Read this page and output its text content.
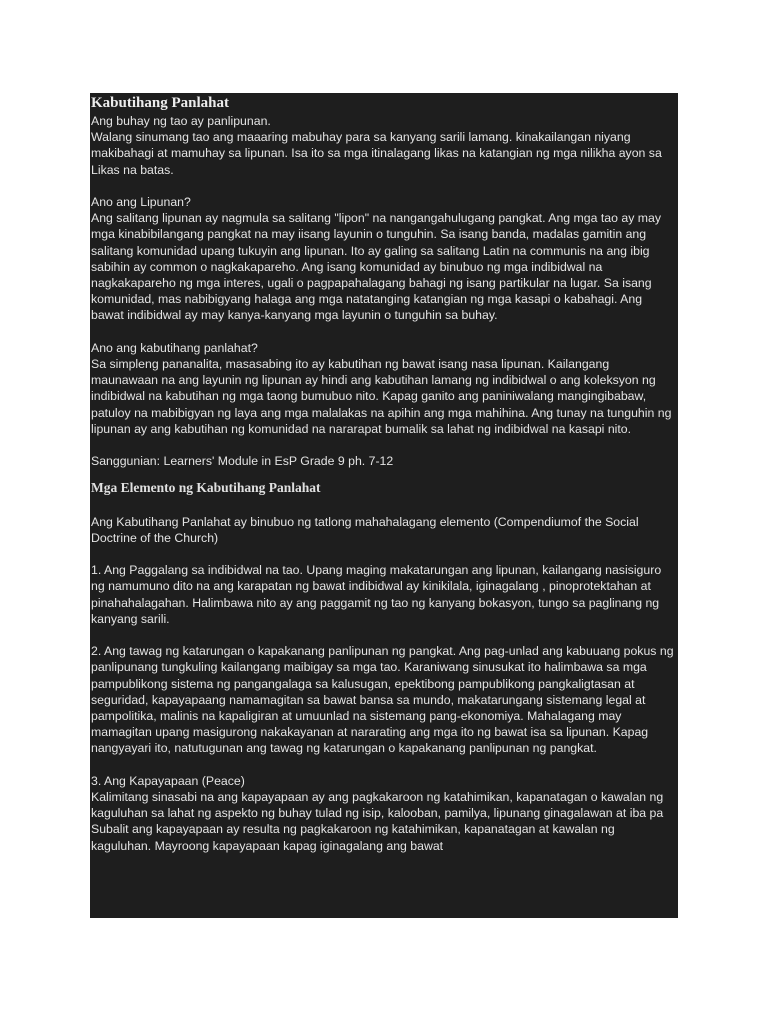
Kabutihang Panlahat

Ang buhay ng tao ay panlipunan.

Walang sinumang tao ang maaaring mabuhay para sa kanyang sarili lamang. kinakailangan niyang makibahagi at mamuhay sa lipunan. Isa ito sa mga itinalagang likas na katangian ng mga nilikha ayon sa Likas na batas.

Ano ang Lipunan?

Ang salitang lipunan ay nagmula sa salitang "lipon" na nangangahulugang pangkat. Ang mga tao ay may mga kinabibilangang pangkat na may iisang layunin o tunguhin. Sa isang banda, madalas gamitin ang salitang komunidad upang tukuyin ang lipunan. Ito ay galing sa salitang Latin na communis na ang ibig sabihin ay common o nagkakapareho. Ang isang komunidad ay binubuo ng mga indibidwal na nagkakapareho ng mga interes, ugali o pagpapahalagang bahagi ng isang partikular na lugar. Sa isang komunidad, mas nabibigyang halaga ang mga natatanging katangian ng mga kasapi o kabahagi. Ang bawat indibidwal ay may kanya-kanyang mga layunin o tunguhin sa buhay.

Ano ang kabutihang panlahat?

Sa simpleng pananalita, masasabing ito ay kabutihan ng bawat isang nasa lipunan. Kailangang maunawaan na ang layunin ng lipunan ay hindi ang kabutihan lamang ng indibidwal o ang koleksyon ng indibidwal na kabutihan ng mga taong bumubuo nito. Kapag ganito ang paniniwalang mangingibabaw, patuloy na mabibigyan ng laya ang mga malalakas na apihin ang mga mahihina. Ang tunay na tunguhin ng lipunan ay ang kabutihan ng komunidad na nararapat bumalik sa lahat ng indibidwal na kasapi nito.

Sanggunian: Learners' Module in EsP Grade 9 ph. 7-12

Mga Elemento ng Kabutihang Panlahat

Ang Kabutihang Panlahat ay binubuo ng tatlong mahahalagang elemento (Compendiumof the Social Doctrine of the Church)

1. Ang Paggalang sa indibidwal na tao. Upang maging makatarungan ang lipunan, kailangang nasisiguro ng namumuno dito na ang karapatan ng bawat indibidwal ay kinikilala, iginagalang , pinoprotektahan at pinahahalagahan. Halimbawa nito ay ang paggamit ng tao ng kanyang bokasyon, tungo sa paglinang ng kanyang sarili.

2. Ang tawag ng katarungan o kapakanang panlipunan ng pangkat. Ang pag-unlad ang kabuuang pokus ng panlipunang tungkuling kailangang maibigay sa mga tao. Karaniwang sinusukat ito halimbawa sa mga pampublikong sistema ng pangangalaga sa kalusugan, epektibong pampublikong pangkaligtasan at seguridad, kapayapaang namamagitan sa bawat bansa sa mundo, makatarungang sistemang legal at pampolitika, malinis na kapaligiran at umuunlad na sistemang pang-ekonomiya. Mahalagang may mamagitan upang masigurong nakakayanan at nararating ang mga ito ng bawat isa sa lipunan. Kapag nangyayari ito, natutugunan ang tawag ng katarungan o kapakanang panlipunan ng pangkat.

3. Ang Kapayapaan (Peace)

Kalimitang sinasabi na ang kapayapaan ay ang pagkakaroon ng katahimikan, kapanatagan o kawalan ng kaguluhan sa lahat ng aspekto ng buhay tulad ng isip, kalooban, pamilya, lipunang ginagalawan at iba pa Subalit ang kapayapaan ay resulta ng pagkakaroon ng katahimikan, kapanatagan at kawalan ng kaguluhan. Mayroong kapayapaan kapag iginagalang ang bawat
